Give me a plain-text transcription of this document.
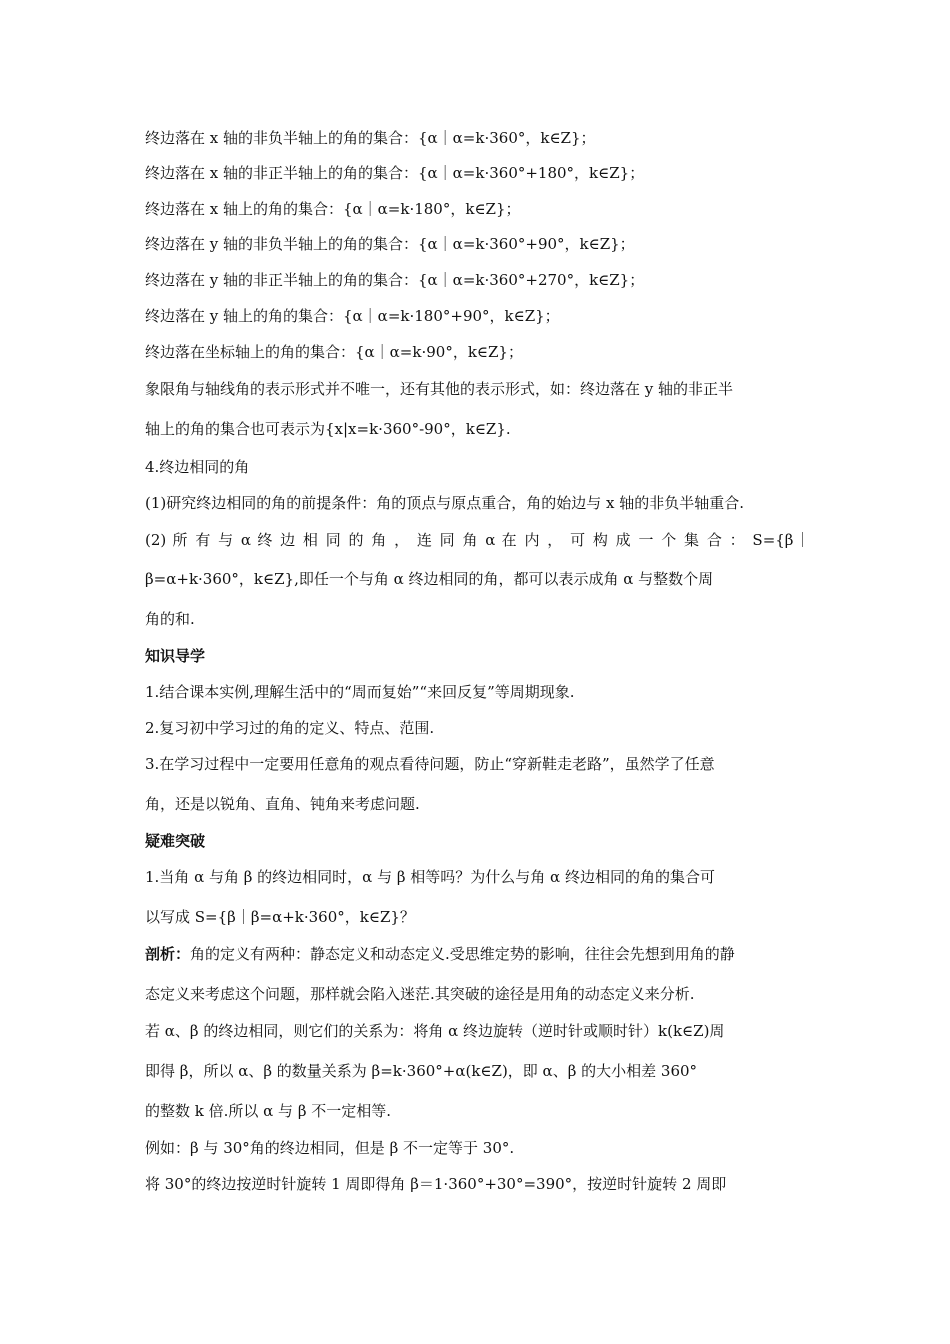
终边落在 x 轴的非负半轴上的角的集合：{α｜α=k·360°，k∈Z}；
终边落在 x 轴的非正半轴上的角的集合：{α｜α=k·360°+180°，k∈Z}；
终边落在 x 轴上的角的集合：{α｜α=k·180°，k∈Z}；
终边落在 y 轴的非负半轴上的角的集合：{α｜α=k·360°+90°，k∈Z}；
终边落在 y 轴的非正半轴上的角的集合：{α｜α=k·360°+270°，k∈Z}；
终边落在 y 轴上的角的集合：{α｜α=k·180°+90°，k∈Z}；
终边落在坐标轴上的角的集合：{α｜α=k·90°，k∈Z}；
象限角与轴线角的表示形式并不唯一，还有其他的表示形式，如：终边落在 y 轴的非正半
轴上的角的集合也可表示为{x|x=k·360°-90°，k∈Z}.
4.终边相同的角
(1)研究终边相同的角的前提条件：角的顶点与原点重合，角的始边与 x 轴的非负半轴重合.
(2) 所 有 与 α 终 边 相 同 的 角 ， 连 同 角 α 在 内 ， 可 构 成 一 个 集 合 ： S={β｜
β=α+k·360°，k∈Z},即任一个与角 α 终边相同的角，都可以表示成角 α 与整数个周
角的和.
知识导学
1.结合课本实例,理解生活中的“周而复始”“来回反复”等周期现象.
2.复习初中学习过的角的定义、特点、范围.
3.在学习过程中一定要用任意角的观点看待问题，防止“穿新鞋走老路”，虽然学了任意
角，还是以锐角、直角、钝角来考虑问题.
疑难突破
1.当角 α 与角 β 的终边相同时，α 与 β 相等吗？为什么与角 α 终边相同的角的集合可
以写成 S={β｜β=α+k·360°，k∈Z}？
剖析：角的定义有两种：静态定义和动态定义.受思维定势的影响，往往会先想到用角的静
态定义来考虑这个问题，那样就会陷入迷茫.其突破的途径是用角的动态定义来分析.
若 α、β 的终边相同，则它们的关系为：将角 α 终边旋转（逆时针或顺时针）k(k∈Z)周
即得 β，所以 α、β 的数量关系为 β=k·360°+α(k∈Z)，即 α、β 的大小相差 360°
的整数 k 倍.所以 α 与 β 不一定相等.
例如：β 与 30°角的终边相同，但是 β 不一定等于 30°.
将 30°的终边按逆时针旋转 1 周即得角 β＝1·360°+30°=390°，按逆时针旋转 2 周即
